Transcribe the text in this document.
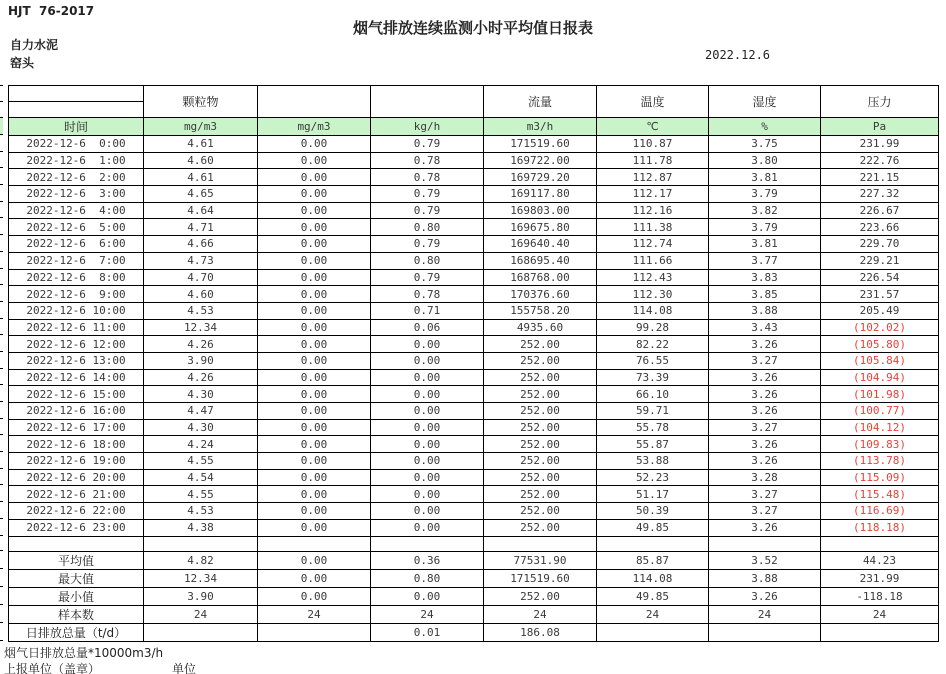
HJT  76-2017
烟气排放连续监测小时平均值日报表
自力水泥
窑头
2022.12.6

	颗粒物			流量	温度	湿度	压力

时间	mg/m3	mg/m3	kg/h	m3/h	℃	%	Pa
2022-12-6  0:00	4.61	0.00	0.79	171519.60	110.87	3.75	231.99
2022-12-6  1:00	4.60	0.00	0.78	169722.00	111.78	3.80	222.76
2022-12-6  2:00	4.61	0.00	0.78	169729.20	112.87	3.81	221.15
2022-12-6  3:00	4.65	0.00	0.79	169117.80	112.17	3.79	227.32
2022-12-6  4:00	4.64	0.00	0.79	169803.00	112.16	3.82	226.67
2022-12-6  5:00	4.71	0.00	0.80	169675.80	111.38	3.79	223.66
2022-12-6  6:00	4.66	0.00	0.79	169640.40	112.74	3.81	229.70
2022-12-6  7:00	4.73	0.00	0.80	168695.40	111.66	3.77	229.21
2022-12-6  8:00	4.70	0.00	0.79	168768.00	112.43	3.83	226.54
2022-12-6  9:00	4.60	0.00	0.78	170376.60	112.30	3.85	231.57
2022-12-6 10:00	4.53	0.00	0.71	155758.20	114.08	3.88	205.49
2022-12-6 11:00	12.34	0.00	0.06	4935.60	99.28	3.43	(102.02)
2022-12-6 12:00	4.26	0.00	0.00	252.00	82.22	3.26	(105.80)
2022-12-6 13:00	3.90	0.00	0.00	252.00	76.55	3.27	(105.84)
2022-12-6 14:00	4.26	0.00	0.00	252.00	73.39	3.26	(104.94)
2022-12-6 15:00	4.30	0.00	0.00	252.00	66.10	3.26	(101.98)
2022-12-6 16:00	4.47	0.00	0.00	252.00	59.71	3.26	(100.77)
2022-12-6 17:00	4.30	0.00	0.00	252.00	55.78	3.27	(104.12)
2022-12-6 18:00	4.24	0.00	0.00	252.00	55.87	3.26	(109.83)
2022-12-6 19:00	4.55	0.00	0.00	252.00	53.88	3.26	(113.78)
2022-12-6 20:00	4.54	0.00	0.00	252.00	52.23	3.28	(115.09)
2022-12-6 21:00	4.55	0.00	0.00	252.00	51.17	3.27	(115.48)
2022-12-6 22:00	4.53	0.00	0.00	252.00	50.39	3.27	(116.69)
2022-12-6 23:00	4.38	0.00	0.00	252.00	49.85	3.26	(118.18)

平均值	4.82	0.00	0.36	77531.90	85.87	3.52	44.23
最大值	12.34	0.00	0.80	171519.60	114.08	3.88	231.99
最小值	3.90	0.00	0.00	252.00	49.85	3.26	-118.18
样本数	24	24	24	24	24	24	24
日排放总量（t/d）			0.01	186.08			
烟气日排放总量*10000m3/h
上报单位（盖章）	单位
